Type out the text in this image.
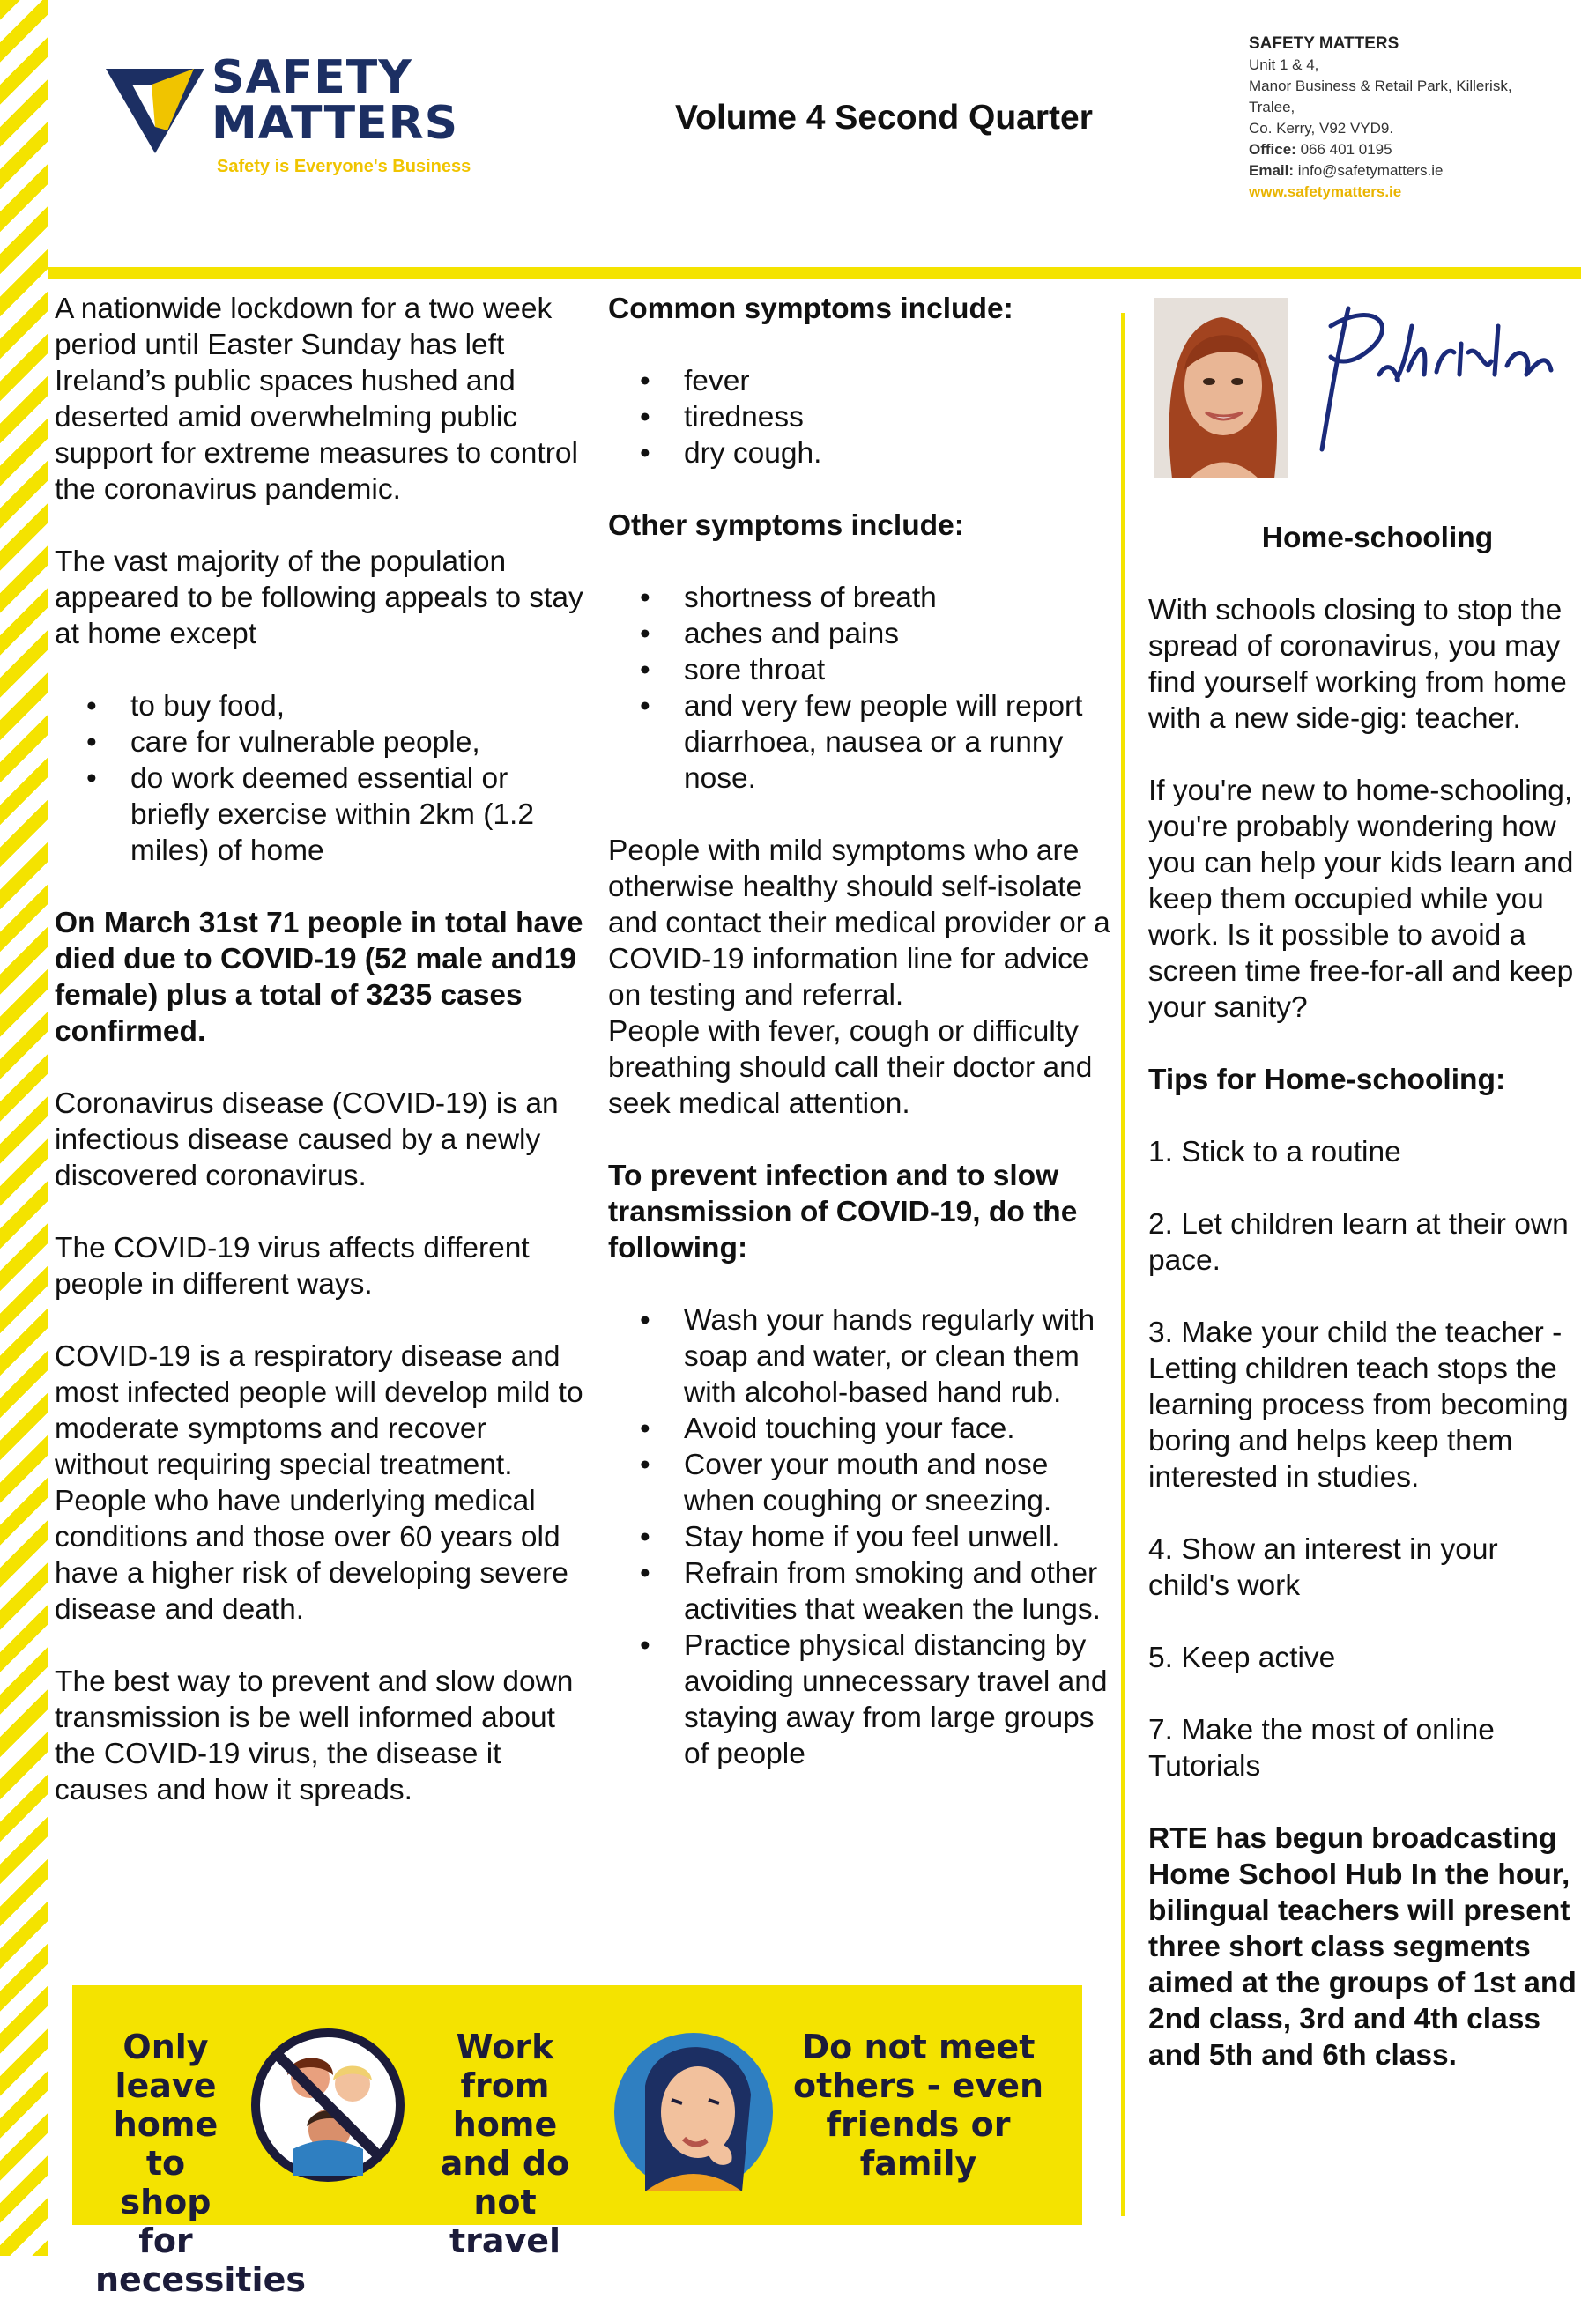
SAFETY
MATTERS
Safety is Everyone's Business
Volume 4 Second Quarter
SAFETY MATTERS
Unit 1 & 4,
Manor Business & Retail Park, Killerisk,
Tralee,
Co. Kerry, V92 VYD9.
Office: 066 401 0195
Email: info@safetymatters.ie
www.safetymatters.ie

A nationwide lockdown for a two week period until Easter Sunday has left Ireland’s public spaces hushed and deserted amid overwhelming public support for extreme measures to control the coronavirus pandemic.

The vast majority of the population appeared to be following appeals to stay at home except

• to buy food,
• care for vulnerable people,
• do work deemed essential or briefly exercise within 2km (1.2 miles) of home

On March 31st 71 people in total have died due to COVID-19 (52 male and19 female) plus a total of 3235 cases confirmed.

Coronavirus disease (COVID-19) is an infectious disease caused by a newly discovered coronavirus.

The COVID-19 virus affects different people in different ways.

COVID-19 is a respiratory disease and most infected people will develop mild to moderate symptoms and recover without requiring special treatment. People who have underlying medical conditions and those over 60 years old have a higher risk of developing severe disease and death.

The best way to prevent and slow down transmission is be well informed about the COVID-19 virus, the disease it causes and how it spreads.

Common symptoms include:

• fever
• tiredness
• dry cough.

Other symptoms include:

• shortness of breath
• aches and pains
• sore throat
• and very few people will report diarrhoea, nausea or a runny nose.

People with mild symptoms who are otherwise healthy should self-isolate and contact their medical provider or a COVID-19 information line for advice on testing and referral.

People with fever, cough or difficulty breathing should call their doctor and seek medical attention.

To prevent infection and to slow transmission of COVID-19, do the following:

• Wash your hands regularly with soap and water, or clean them with alcohol-based hand rub.
• Avoid touching your face.
• Cover your mouth and nose when coughing or sneezing.
• Stay home if you feel unwell.
• Refrain from smoking and other activities that weaken the lungs.
• Practice physical distancing by avoiding unnecessary travel and staying away from large groups of people

Home-schooling

With schools closing to stop the spread of coronavirus, you may find yourself working from home with a new side-gig: teacher.

If you're new to home-schooling, you're probably wondering how you can help your kids learn and keep them occupied while you work. Is it possible to avoid a screen time free-for-all and keep your sanity?

Tips for Home-schooling:

1. Stick to a routine

2. Let children learn at their own pace.

3. Make your child the teacher - Letting children teach stops the learning process from becoming boring and helps keep them interested in studies.

4. Show an interest in your child's work

5. Keep active

7. Make the most of online Tutorials

RTE has begun broadcasting Home School Hub In the hour, bilingual teachers will present three short class segments aimed at the groups of 1st and 2nd class, 3rd and 4th class and 5th and 6th class.

Only leave home to shop for necessities
Work from home and do not travel
Do not meet others - even friends or family
